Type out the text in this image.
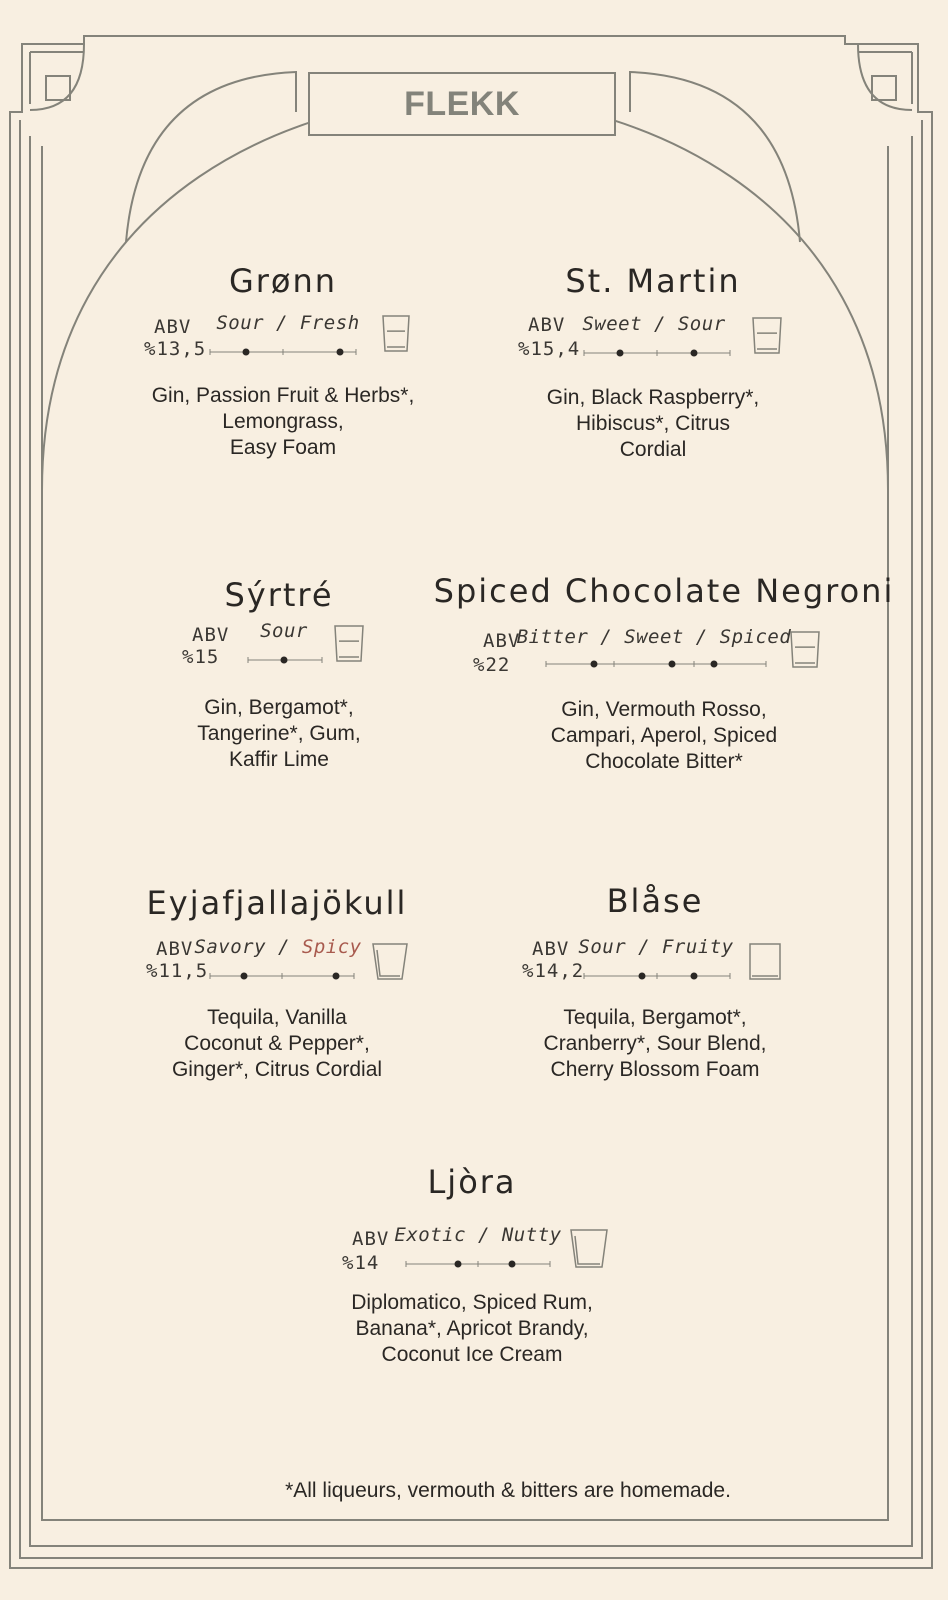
FLEKK
Grønn
ABV
%13,5
Sour / Fresh
Gin, Passion Fruit & Herbs*,
Lemongrass,
Easy Foam
St. Martin
ABV
%15,4
Sweet / Sour
Gin, Black Raspberry*,
Hibiscus*, Citrus
Cordial
Sýrtré
ABV
%15
Sour
Gin, Bergamot*,
Tangerine*, Gum,
Kaffir Lime
Spiced Chocolate Negroni
ABV
%22
Bitter / Sweet / Spiced
Gin, Vermouth Rosso,
Campari, Aperol, Spiced
Chocolate Bitter*
Eyjafjallajökull
ABV
%11,5
Savory / Spicy
Tequila, Vanilla
Coconut & Pepper*,
Ginger*, Citrus Cordial
Blåse
ABV
%14,2
Sour / Fruity
Tequila, Bergamot*,
Cranberry*, Sour Blend,
Cherry Blossom Foam
Ljòra
ABV
%14
Exotic / Nutty
Diplomatico, Spiced Rum,
Banana*, Apricot Brandy,
Coconut Ice Cream
*All liqueurs, vermouth & bitters are homemade.
